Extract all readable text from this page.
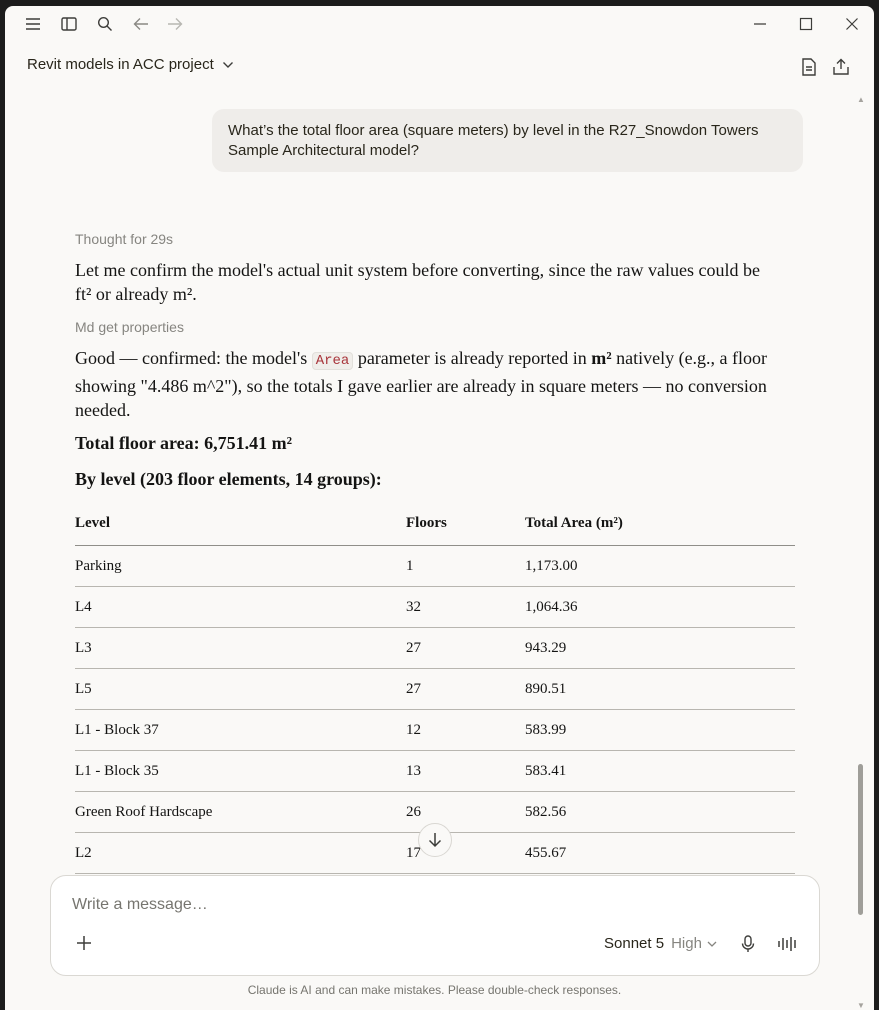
Revit models in ACC project
What’s the total floor area (square meters) by level in the R27_Snowdon Towers Sample Architectural model?
Thought for 29s
Let me confirm the model's actual unit system before converting, since the raw values could be ft² or already m².
Md get properties
Good — confirmed: the model's Area parameter is already reported in m² natively (e.g., a floor showing "4.486 m^2"), so the totals I gave earlier are already in square meters — no conversion needed.
Total floor area: 6,751.41 m²
By level (203 floor elements, 14 groups):
Level	Floors	Total Area (m²)
Parking	1	1,173.00
L4	32	1,064.36
L3	27	943.29
L5	27	890.51
L1 - Block 37	12	583.99
L1 - Block 35	13	583.41
Green Roof Hardscape	26	582.56
L2	17	455.67
▲
▼
Write a message…
Sonnet 5 High
Claude is AI and can make mistakes. Please double-check responses.
